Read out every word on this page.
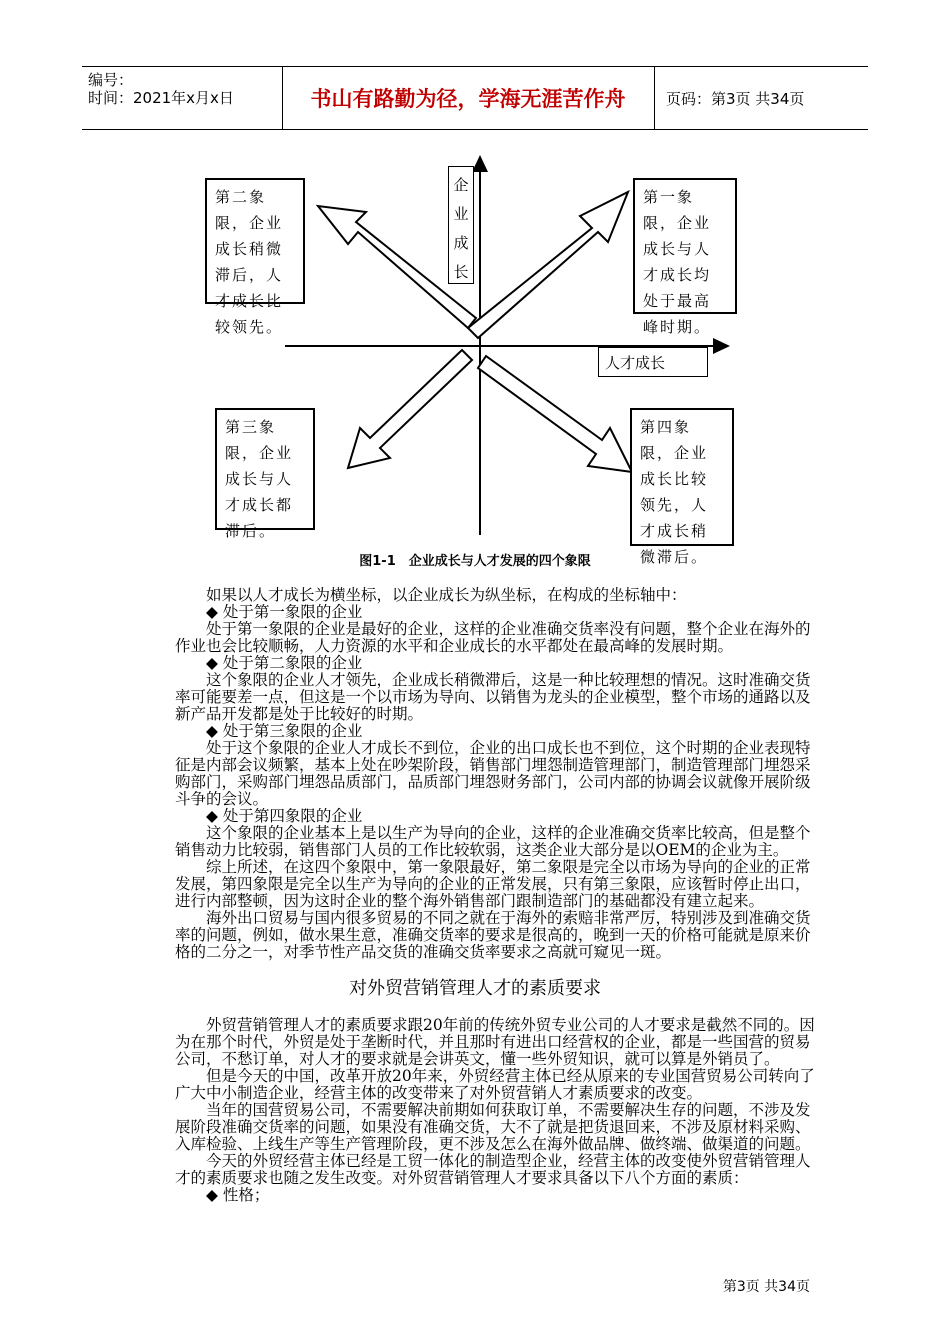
编号：
时间：2021年x月x日	书山有路勤为径，学海无涯苦作舟	页码：第3页 共34页
企业成长
人才成长
第二象限，企业成长稍微滞后，人才成长比较领先。
第一象限，企业成长与人才成长均处于最高峰时期。
第三象限，企业成长与人才成长都滞后。
第四象限，企业成长比较领先，人才成长稍微滞后。
图1-1　企业成长与人才发展的四个象限

如果以人才成长为横坐标，以企业成长为纵坐标，在构成的坐标轴中：

◆ 处于第一象限的企业

处于第一象限的企业是最好的企业，这样的企业准确交货率没有问题，整个企业在海外的作业也会比较顺畅，人力资源的水平和企业成长的水平都处在最高峰的发展时期。

◆ 处于第二象限的企业

这个象限的企业人才领先，企业成长稍微滞后，这是一种比较理想的情况。这时准确交货率可能要差一点，但这是一个以市场为导向、以销售为龙头的企业模型，整个市场的通路以及新产品开发都是处于比较好的时期。

◆ 处于第三象限的企业

处于这个象限的企业人才成长不到位，企业的出口成长也不到位，这个时期的企业表现特征是内部会议频繁，基本上处在吵架阶段，销售部门埋怨制造管理部门，制造管理部门埋怨采购部门，采购部门埋怨品质部门，品质部门埋怨财务部门，公司内部的协调会议就像开展阶级斗争的会议。

◆ 处于第四象限的企业

这个象限的企业基本上是以生产为导向的企业，这样的企业准确交货率比较高，但是整个销售动力比较弱，销售部门人员的工作比较软弱，这类企业大部分是以OEM的企业为主。

综上所述，在这四个象限中，第一象限最好，第二象限是完全以市场为导向的企业的正常发展，第四象限是完全以生产为导向的企业的正常发展，只有第三象限，应该暂时停止出口，进行内部整顿，因为这时企业的整个海外销售部门跟制造部门的基础都没有建立起来。

海外出口贸易与国内很多贸易的不同之就在于海外的索赔非常严厉，特别涉及到准确交货率的问题，例如，做水果生意，准确交货率的要求是很高的，晚到一天的价格可能就是原来价格的二分之一，对季节性产品交货的准确交货率要求之高就可窥见一斑。

对外贸营销管理人才的素质要求

外贸营销管理人才的素质要求跟20年前的传统外贸专业公司的人才要求是截然不同的。因为在那个时代，外贸是处于垄断时代，并且那时有进出口经营权的企业，都是一些国营的贸易公司，不愁订单，对人才的要求就是会讲英文，懂一些外贸知识，就可以算是外销员了。

但是今天的中国，改革开放20年来，外贸经营主体已经从原来的专业国营贸易公司转向了广大中小制造企业，经营主体的改变带来了对外贸营销人才素质要求的改变。

当年的国营贸易公司，不需要解决前期如何获取订单，不需要解决生存的问题，不涉及发展阶段准确交货率的问题，如果没有准确交货，大不了就是把货退回来，不涉及原材料采购、入库检验、上线生产等生产管理阶段，更不涉及怎么在海外做品牌、做终端、做渠道的问题。

今天的外贸经营主体已经是工贸一体化的制造型企业，经营主体的改变使外贸营销管理人才的素质要求也随之发生改变。对外贸营销管理人才要求具备以下八个方面的素质：

◆ 性格；

第3页 共34页
